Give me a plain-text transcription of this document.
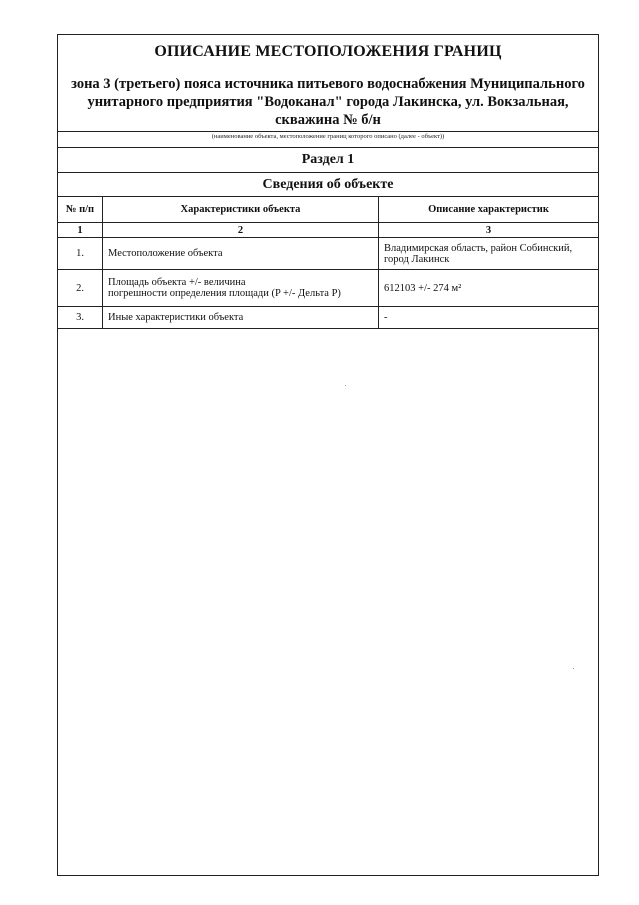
ОПИСАНИЕ МЕСТОПОЛОЖЕНИЯ ГРАНИЦ
зона 3 (третьего) пояса источника питьевого водоснабжения Муниципального
унитарного предприятия "Водоканал" города Лакинска, ул. Вокзальная,
скважина № б/н
(наименование объекта, местоположение границ которого описано (далее - объект))
Раздел 1
Сведения об объекте
№ п/п	Характеристики объекта	Описание характеристик
1	2	3
1.	Местоположение объекта	Владимирская область, район Собинский,
город Лакинск

2.	Площадь объекта +/- величина
погрешности определения площади (P +/- Дельта P)	612103 +/- 274 м²
3.	Иные характеристики объекта	-
